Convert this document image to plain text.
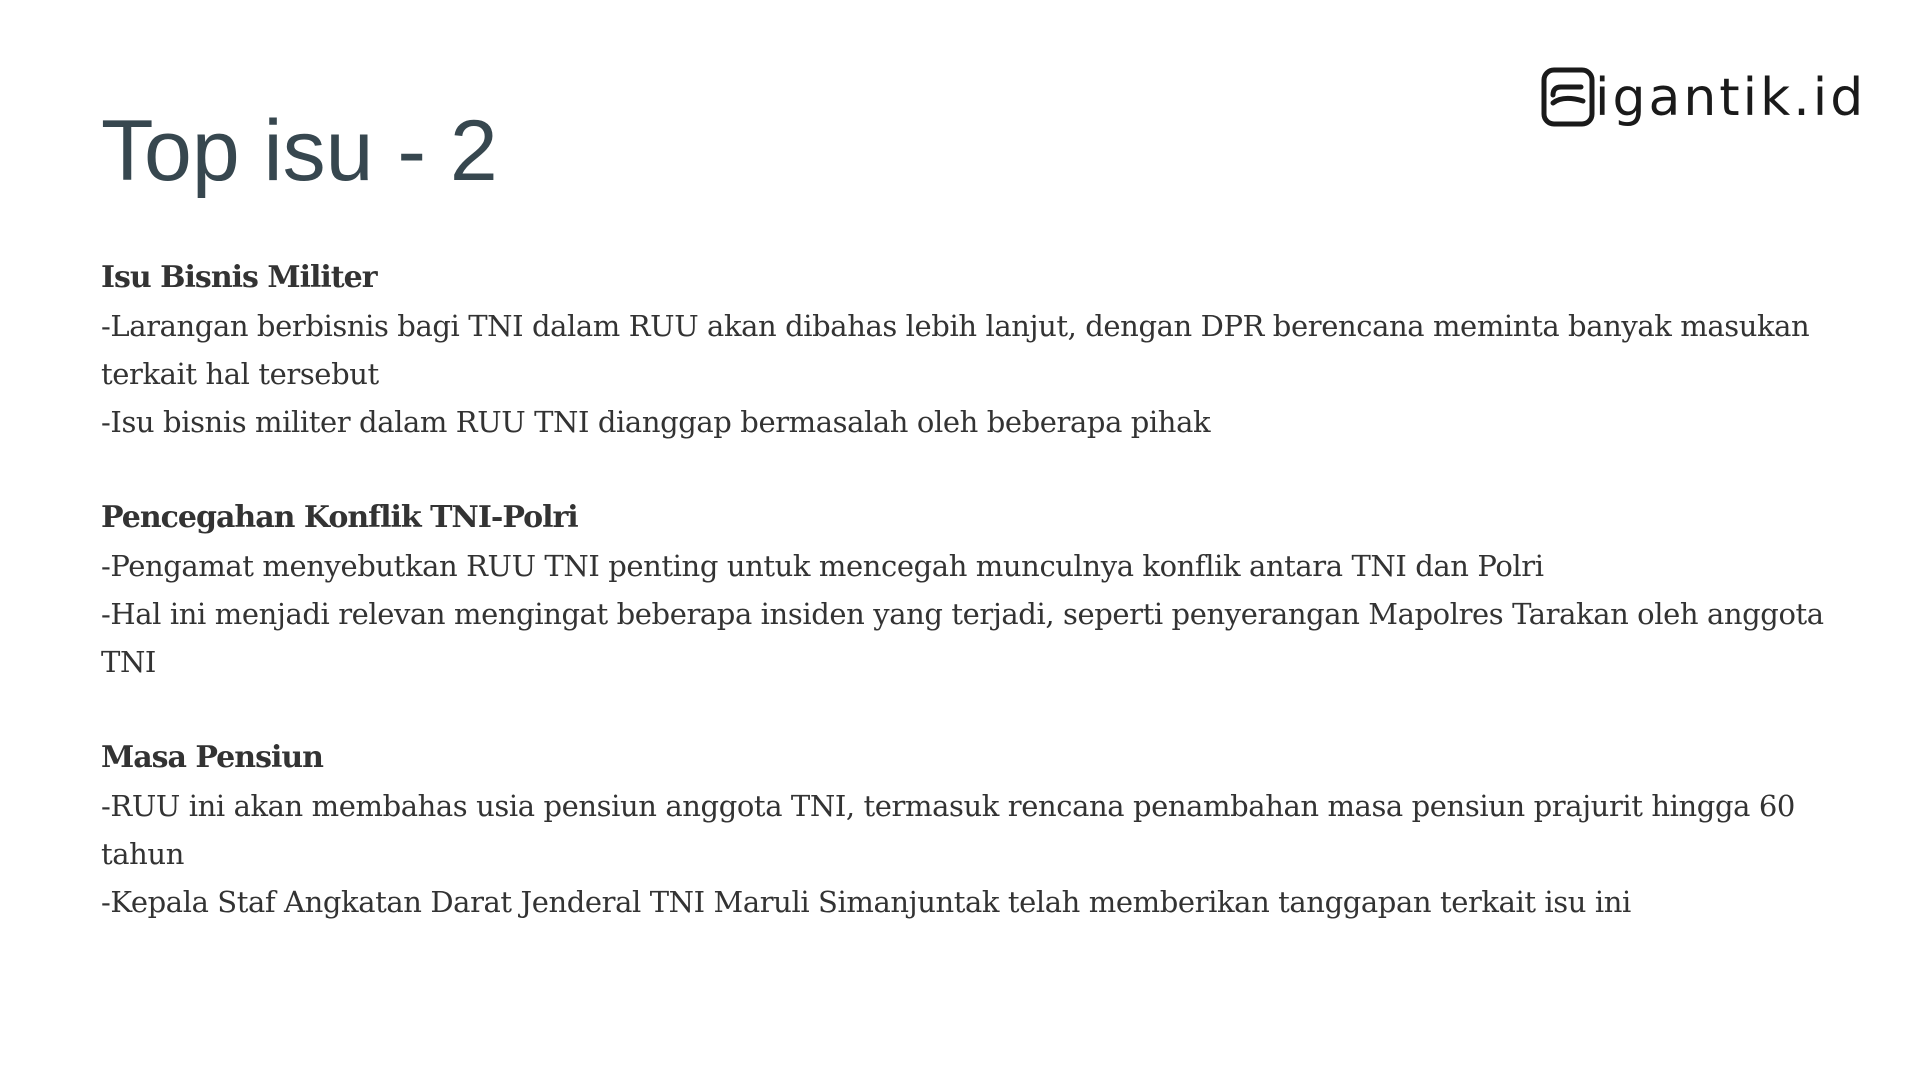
Top isu - 2
igantik.id

Isu Bisnis Militer

-Larangan berbisnis bagi TNI dalam RUU akan dibahas lebih lanjut, dengan DPR berencana meminta banyak masukan terkait hal tersebut

-Isu bisnis militer dalam RUU TNI dianggap bermasalah oleh beberapa pihak

Pencegahan Konflik TNI-Polri

-Pengamat menyebutkan RUU TNI penting untuk mencegah munculnya konflik antara TNI dan Polri

-Hal ini menjadi relevan mengingat beberapa insiden yang terjadi, seperti penyerangan Mapolres Tarakan oleh anggota TNI

Masa Pensiun

-RUU ini akan membahas usia pensiun anggota TNI, termasuk rencana penambahan masa pensiun prajurit hingga 60 tahun

-Kepala Staf Angkatan Darat Jenderal TNI Maruli Simanjuntak telah memberikan tanggapan terkait isu ini
